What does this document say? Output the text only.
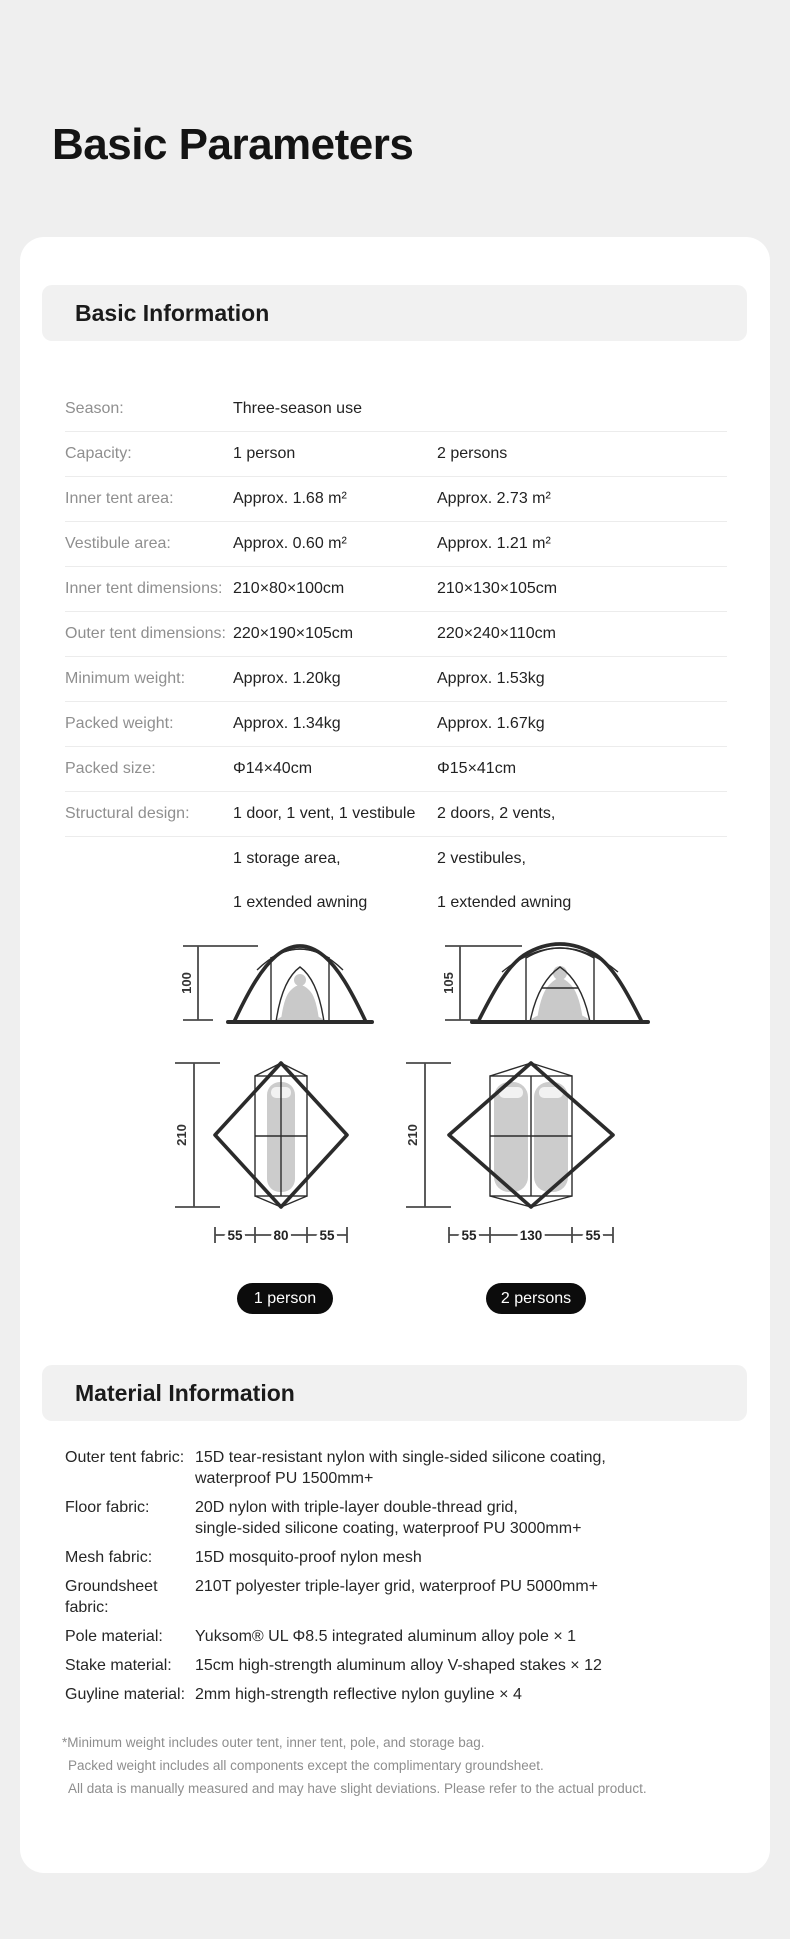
Basic Parameters
Basic Information
Season:	Three-season use
Capacity:	1 person	2 persons
Inner tent area:	Approx. 1.68 m²	Approx. 2.73 m²
Vestibule area:	Approx. 0.60 m²	Approx. 1.21 m²
Inner tent dimensions: 210×80×100cm	210×130×105cm
Outer tent dimensions: 220×190×105cm	220×240×110cm
Minimum weight:	Approx. 1.20kg	Approx. 1.53kg
Packed weight:	Approx. 1.34kg	Approx. 1.67kg
Packed size:	Φ14×40cm	Φ15×41cm
Structural design:	1 door, 1 vent, 1 vestibule	2 doors, 2 vents,
1 storage area,	2 vestibules,
1 extended awning	1 extended awning
100
210
55 80 55
105
210
55	130	55
1 person	2 persons
Material Information
Outer tent fabric: 15D tear-resistant nylon with single-sided silicone coating,
waterproof PU 1500mm+
Floor fabric:	20D nylon with triple-layer double-thread grid,
single-sided silicone coating, waterproof PU 3000mm+
Mesh fabric:	15D mosquito-proof nylon mesh
Groundsheet fabric:
210T polyester triple-layer grid, waterproof PU 5000mm+
Pole material:	Yuksom® UL Φ8.5 integrated aluminum alloy pole × 1
Stake material:	15cm high-strength aluminum alloy V-shaped stakes × 12
Guyline material: 2mm high-strength reflective nylon guyline × 4
*Minimum weight includes outer tent, inner tent, pole, and storage bag.
Packed weight includes all components except the complimentary groundsheet.
All data is manually measured and may have slight deviations. Please refer to the actual product.
